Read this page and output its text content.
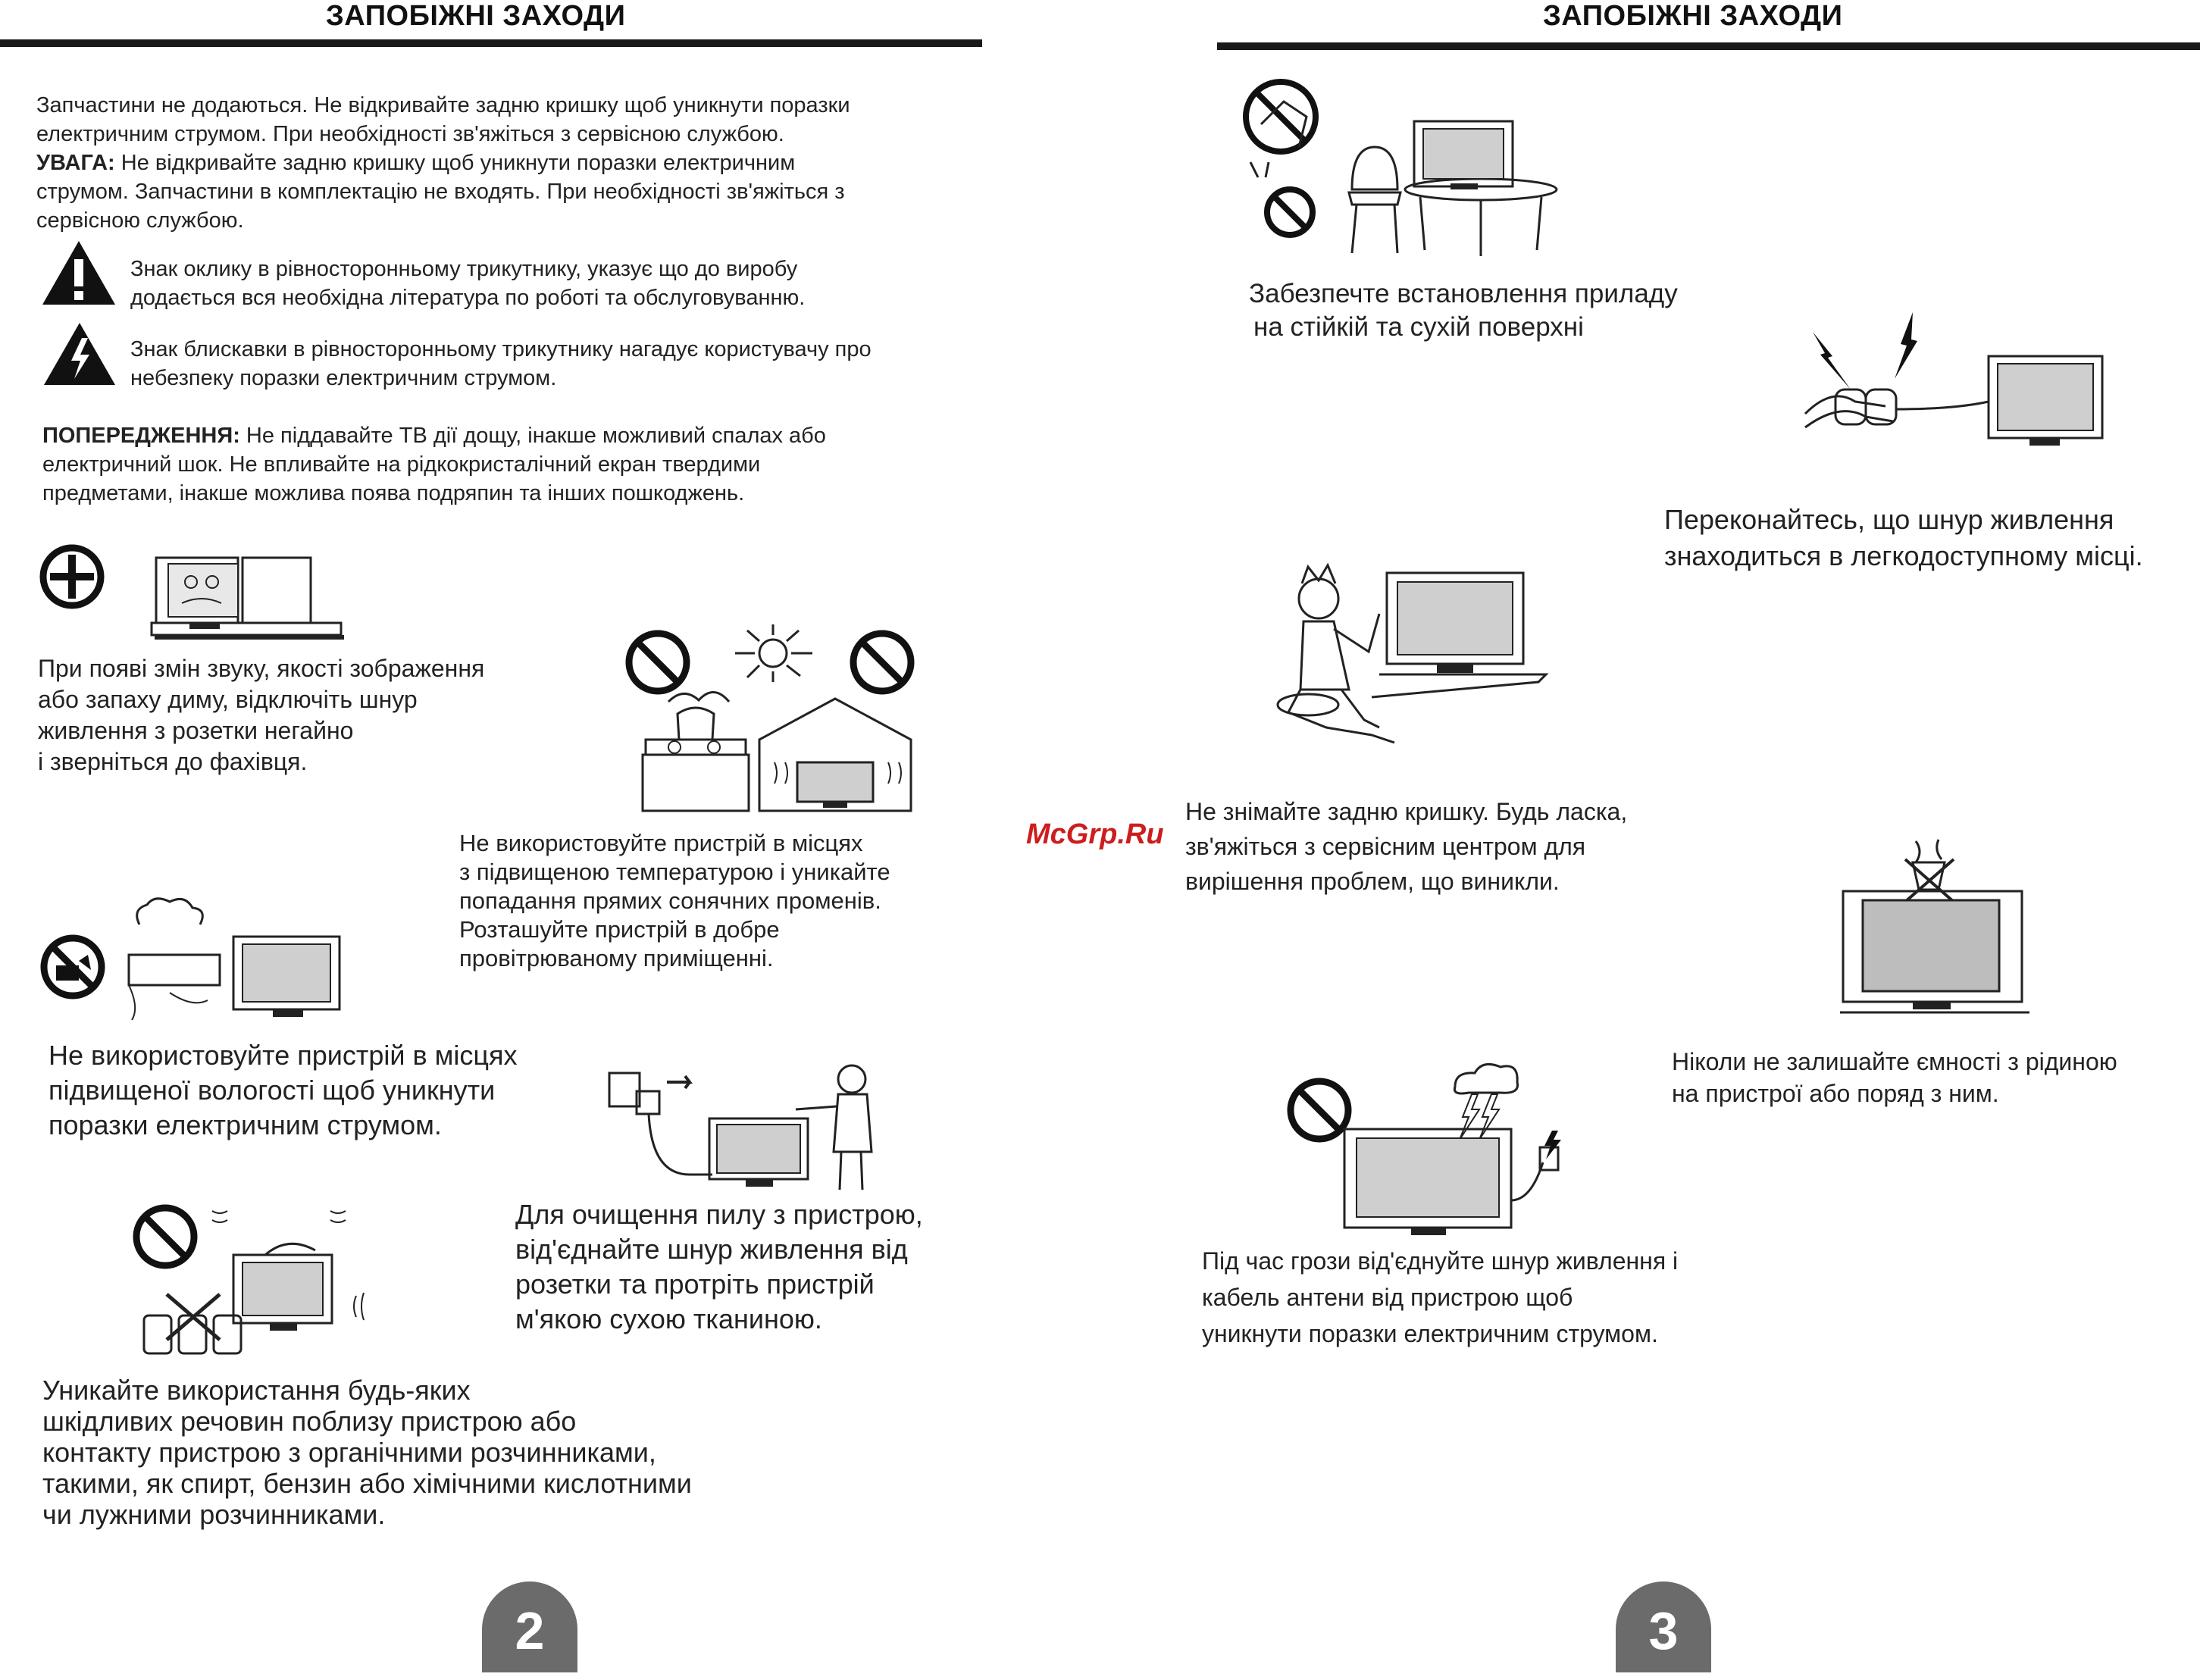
ЗАПОБІЖНІ ЗАХОДИ
Запчастини не додаються. Не відкривайте задню кришку щоб уникнути поразки
електричним струмом. При необхідності зв'яжіться з сервісною службою.
УВАГА: Не відкривайте задню кришку щоб уникнути поразки електричним
струмом. Запчастини в комплектацію не входять. При необхідності зв'яжіться з
сервісною службою.
Знак оклику в рівносторонньому трикутнику, указує що до виробу
додається вся необхідна література по роботі та обслуговуванню.
Знак блискавки в рівносторонньому трикутнику нагадує користувачу про
небезпеку поразки електричним струмом.
ПОПЕРЕДЖЕННЯ: Не піддавайте ТВ дії дощу, інакше можливий спалах або
електричний шок. Не впливайте на рідкокристалічний екран твердими
предметами, інакше можлива поява подряпин та інших пошкоджень.
При появі змін звуку, якості зображення
або запаху диму, відключіть шнур
живлення з розетки негайно
і зверніться до фахівця.
Не використовуйте пристрій в місцях
з підвищеною температурою і уникайте
попадання прямих сонячних променів.
Розташуйте пристрій в добре
провітрюваному приміщенні.
Не використовуйте пристрій в місцях
підвищеної вологості щоб уникнути
поразки електричним струмом.
Для очищення пилу з пристрою,
від'єднайте шнур живлення від
розетки та протріть пристрій
м'якою сухою тканиною.
Уникайте використання будь-яких
шкідливих речовин поблизу пристрою або
контакту пристрою з органічними розчинниками,
такими, як спирт, бензин або хімічними кислотними
чи лужними розчинниками.
2
McGrp.Ru
ЗАПОБІЖНІ ЗАХОДИ
Забезпечте встановлення приладу
на стійкій та сухій поверхні
Переконайтесь, що шнур живлення
знаходиться в легкодоступному місці.
Не знімайте задню кришку. Будь ласка,
зв'яжіться з сервісним центром для
вирішення проблем, що виникли.
Ніколи не залишайте ємності з рідиною
на пристрої або поряд з ним.
Під час грози від'єднуйте шнур живлення і
кабель антени від пристрою щоб
уникнути поразки електричним струмом.
3
